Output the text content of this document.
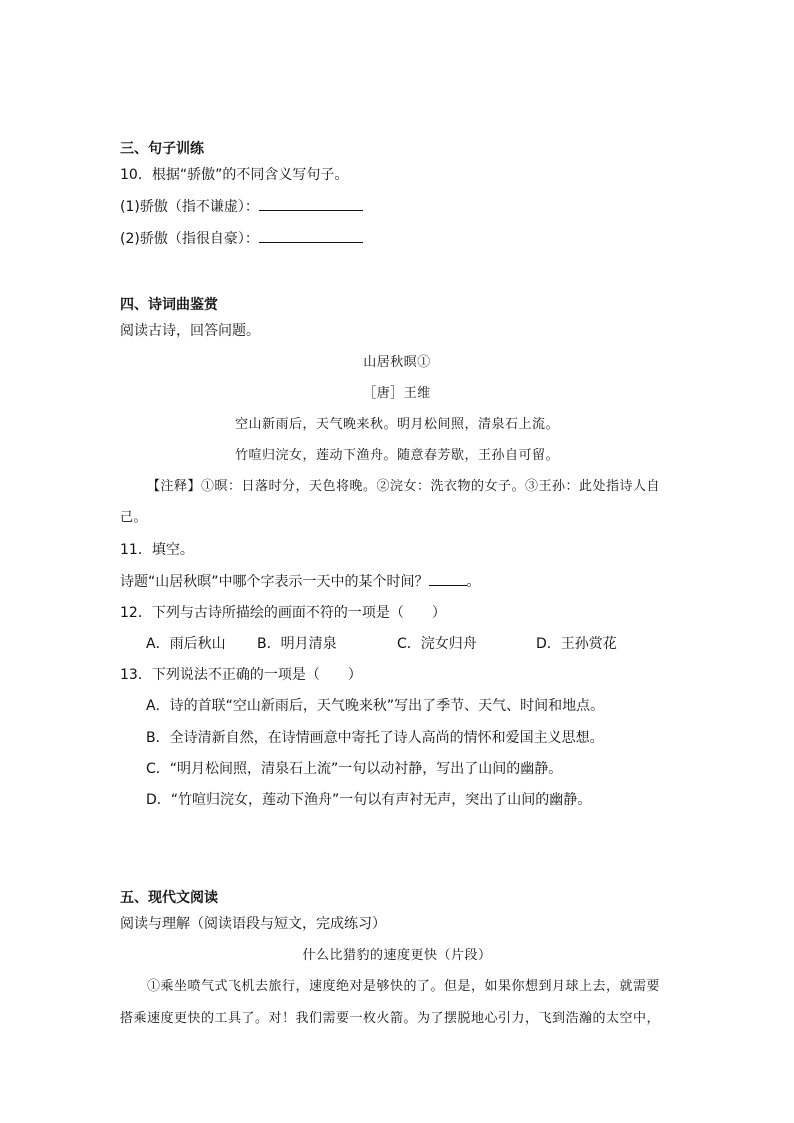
三、句子训练
10．根据“骄傲”的不同含义写句子。
(1)骄傲（指不谦虚）：
(2)骄傲（指很自豪）：
四、诗词曲鉴赏
阅读古诗，回答问题。
山居秋暝①
［唐］王维
空山新雨后，天气晚来秋。明月松间照，清泉石上流。
竹喧归浣女，莲动下渔舟。随意春芳歇，王孙自可留。
【注释】①暝：日落时分，天色将晚。②浣女：洗衣物的女子。③王孙：此处指诗人自
己。
11．填空。
诗题“山居秋暝”中哪个字表示一天中的某个时间？	。
12．下列与古诗所描绘的画面不符的一项是（　　）
A．雨后秋山 B．明月清泉	C．浣女归舟	D．王孙赏花
13．下列说法不正确的一项是（　　）
A．诗的首联“空山新雨后，天气晚来秋”写出了季节、天气、时间和地点。
B．全诗清新自然，在诗情画意中寄托了诗人高尚的情怀和爱国主义思想。
C．“明月松间照，清泉石上流”一句以动衬静，写出了山间的幽静。
D．“竹喧归浣女，莲动下渔舟”一句以有声衬无声，突出了山间的幽静。
五、现代文阅读
阅读与理解（阅读语段与短文，完成练习）
什么比猎豹的速度更快（片段）
①乘坐喷气式飞机去旅行，速度绝对是够快的了。但是，如果你想到月球上去，就需要
搭乘速度更快的工具了。对！我们需要一枚火箭。为了摆脱地心引力，飞到浩瀚的太空中，
